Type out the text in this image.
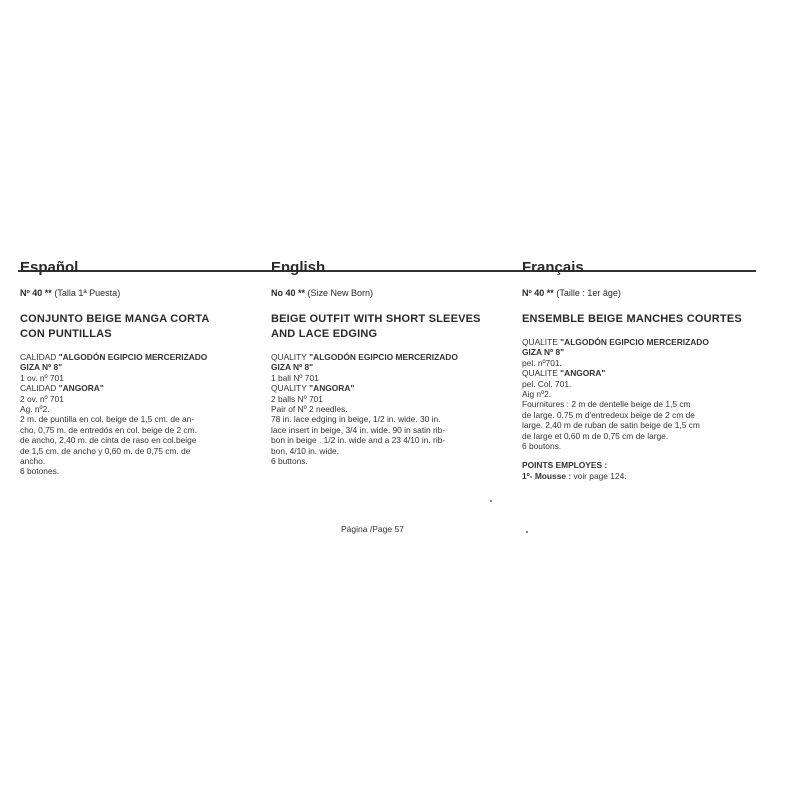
Español
Nº 40 ** (Talla 1ª Puesta)
CONJUNTO BEIGE MANGA CORTA
CON PUNTILLAS

CALIDAD "ALGODÓN EGIPCIO MERCERIZADO

GIZA Nº 8"

1 ov. nº 701

CALIDAD "ANGORA"

2 ov. nº 701

Ag. nº2.

2 m. de puntilla en col. beige de 1,5 cm. de an-

cho, 0,75 m. de entredós en col. beige de 2 cm.

de ancho, 2,40 m. de cinta de raso en col.beige

de 1,5 cm. de ancho y 0,60 m. de 0,75 cm. de

ancho.

6 botones.

English
No 40 ** (Size New Born)
BEIGE OUTFIT WITH SHORT SLEEVES
AND LACE EDGING

QUALITY "ALGODÓN EGIPCIO MERCERIZADO

GIZA Nº 8"

1 ball Nº 701

QUALITY "ANGORA"

2 balls Nº 701

Pair of Nº 2 needles.

78 in. lace edging in beige, 1/2 in. wide. 30 in.

lace insert in beige, 3/4 in. wide. 90 in satin rib-

bon in beige . 1/2 in. wide and a 23 4/10 in. rib-

bon, 4/10 in. wide.

6 buttons.

Français
Nº 40 ** (Taille : 1er âge)
ENSEMBLE BEIGE MANCHES COURTES

QUALITE "ALGODÓN EGIPCIO MERCERIZADO

GIZA Nº 8"

pel. nº701.

QUALITE "ANGORA"

pel. Col. 701.

Aig nº2.

Fournitures : 2 m de dentelle beige de 1,5 cm

de large. 0,75 m d'entredeux beige de 2 cm de

large. 2,40 m de ruban de satin beige de 1,5 cm

de large et 0,60 m de 0,75 cm de large.

6 boutons.

POINTS EMPLOYES :

1º- Mousse : voir page 124.

Página /Page 57
